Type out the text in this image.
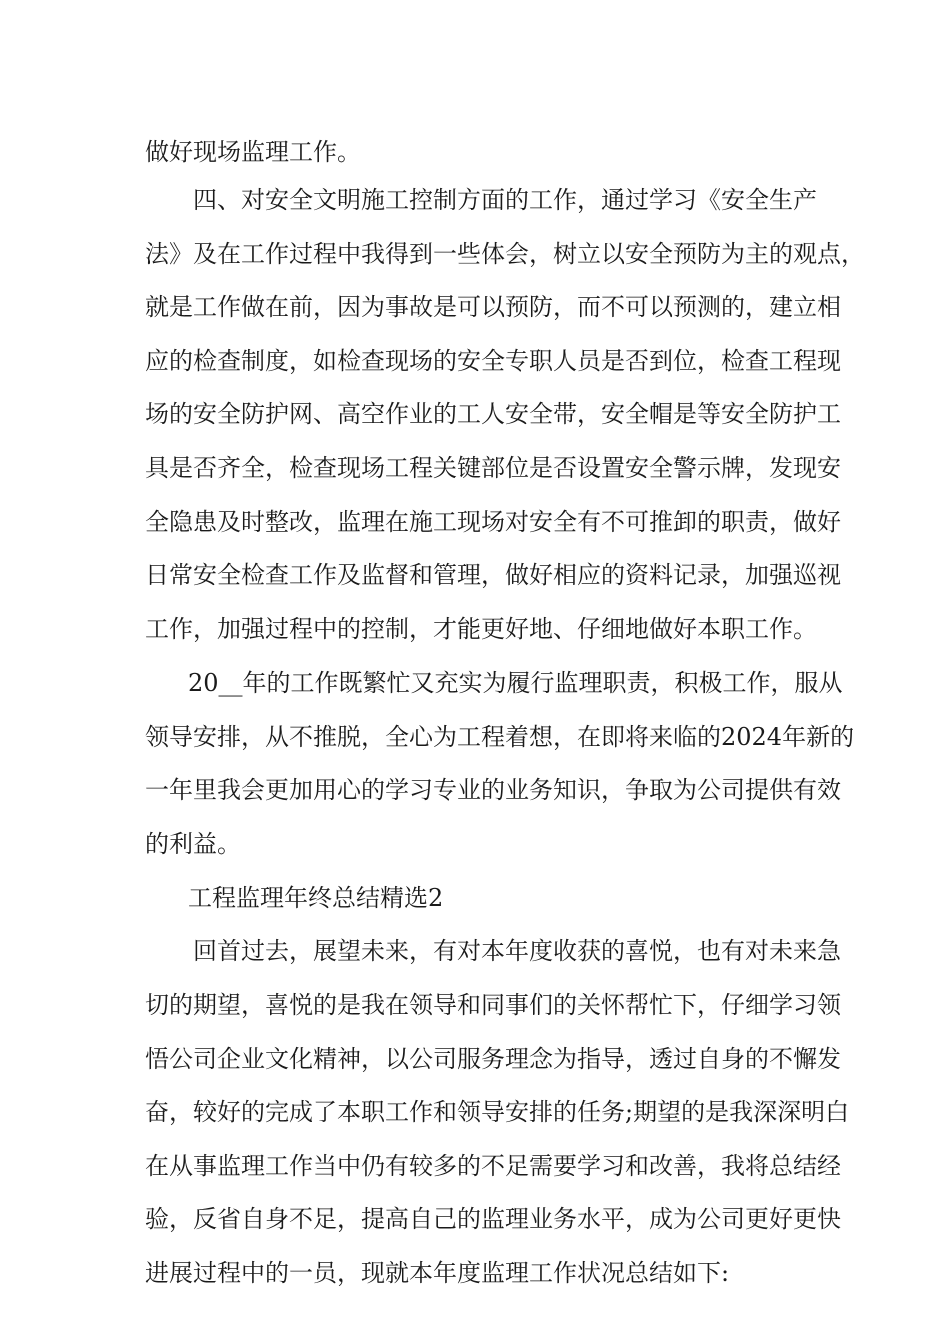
做好现场监理工作。

四、对安全文明施工控制方面的工作，通过学习《安全生产

法》及在工作过程中我得到一些体会，树立以安全预防为主的观点，

就是工作做在前，因为事故是可以预防，而不可以预测的，建立相

应的检查制度，如检查现场的安全专职人员是否到位，检查工程现

场的安全防护网、高空作业的工人安全带，安全帽是等安全防护工

具是否齐全，检查现场工程关键部位是否设置安全警示牌，发现安

全隐患及时整改，监理在施工现场对安全有不可推卸的职责，做好

日常安全检查工作及监督和管理，做好相应的资料记录，加强巡视

工作，加强过程中的控制，才能更好地、仔细地做好本职工作。

20__年的工作既繁忙又充实为履行监理职责，积极工作，服从

领导安排，从不推脱，全心为工程着想，在即将来临的2024年新的

一年里我会更加用心的学习专业的业务知识，争取为公司提供有效

的利益。

工程监理年终总结精选2

回首过去，展望未来，有对本年度收获的喜悦，也有对未来急

切的期望，喜悦的是我在领导和同事们的关怀帮忙下，仔细学习领

悟公司企业文化精神，以公司服务理念为指导，透过自身的不懈发

奋，较好的完成了本职工作和领导安排的任务;期望的是我深深明白

在从事监理工作当中仍有较多的不足需要学习和改善，我将总结经

验，反省自身不足，提高自己的监理业务水平，成为公司更好更快

进展过程中的一员，现就本年度监理工作状况总结如下:
